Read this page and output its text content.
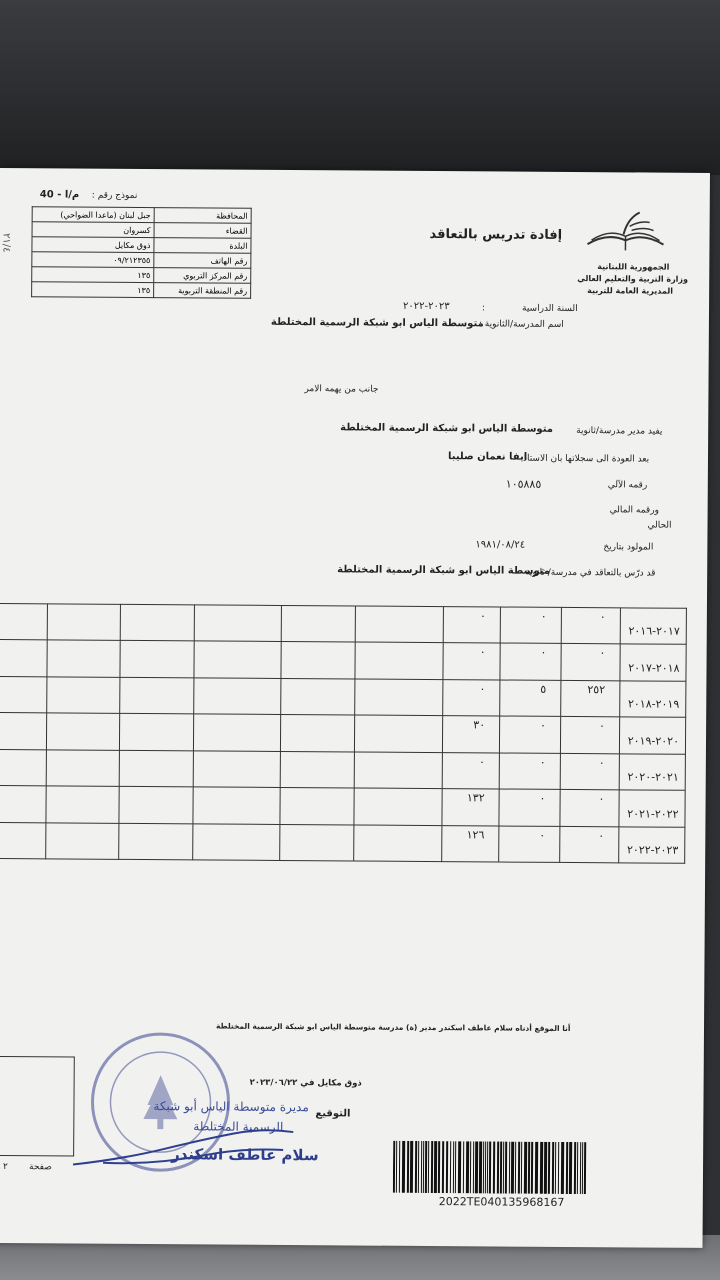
نموذج رقم :
40 - م/ا
المحافظة	جبل لبنان (ماعدا الضواحي)
القضاء	كسروان
البلدة	ذوق مكايل
رقم الهاتف	٠٩/٢١٢٣٥٥
رقم المركز التربوي	١٣٥
رقم المنطقة التربوية	١٣٥
٢١/٤
الجمهورية اللبنانية
وزارة التربية والتعليم العالي
المديرية العامة للتربية
إفادة تدريس بالتعاقد
السنة الدراسية
:
٢٠٢٣-٢٠٢٢
اسم المدرسة/الثانوية :
متوسطة الياس ابو شبكة الرسمية المختلطة
جانب من يهمه الامر
يفيد مدير مدرسة/ثانوية
متوسطة الياس ابو شبكة الرسمية المختلطة
بعد العودة الى سجلاتها بان الاستاذ
ايفا نعمان صليبا
رقمه الآلي
١٠٥٨٨٥
ورقمه المالي
الحالي
المولود بتاريخ
١٩٨١/٠٨/٢٤
قد درّس بالتعاقد في مدرسة/ ثانوية
متوسطة الياس ابو شبكة الرسمية المختلطة
٢٠١٧-٢٠١٦	٠	٠	٠						

٢٠١٨-٢٠١٧	٠	٠	٠						

٢٠١٩-٢٠١٨	٢٥٢	٥	٠						

٢٠٢٠-٢٠١٩	٠	٠	٣٠						

٢٠٢١-٢٠٢٠	٠	٠	٠						

٢٠٢٢-٢٠٢١	٠	٠	١٣٢						

٢٠٢٣-٢٠٢٢	٠	٠	١٢٦						

أنا الموقع أدناه سلام عاطف اسكندر مدير (ة) مدرسة متوسطة الياس ابو شبكة الرسمية المختلطة
ذوق مكايل في ٢٠٢٣/٠٦/٢٢
التوقيع
مديرة متوسطة الياس أبو شبكة
الرسمية المختلطة
سلام عاطف اسكندر
صفحة
٢
2022TE040135968167
